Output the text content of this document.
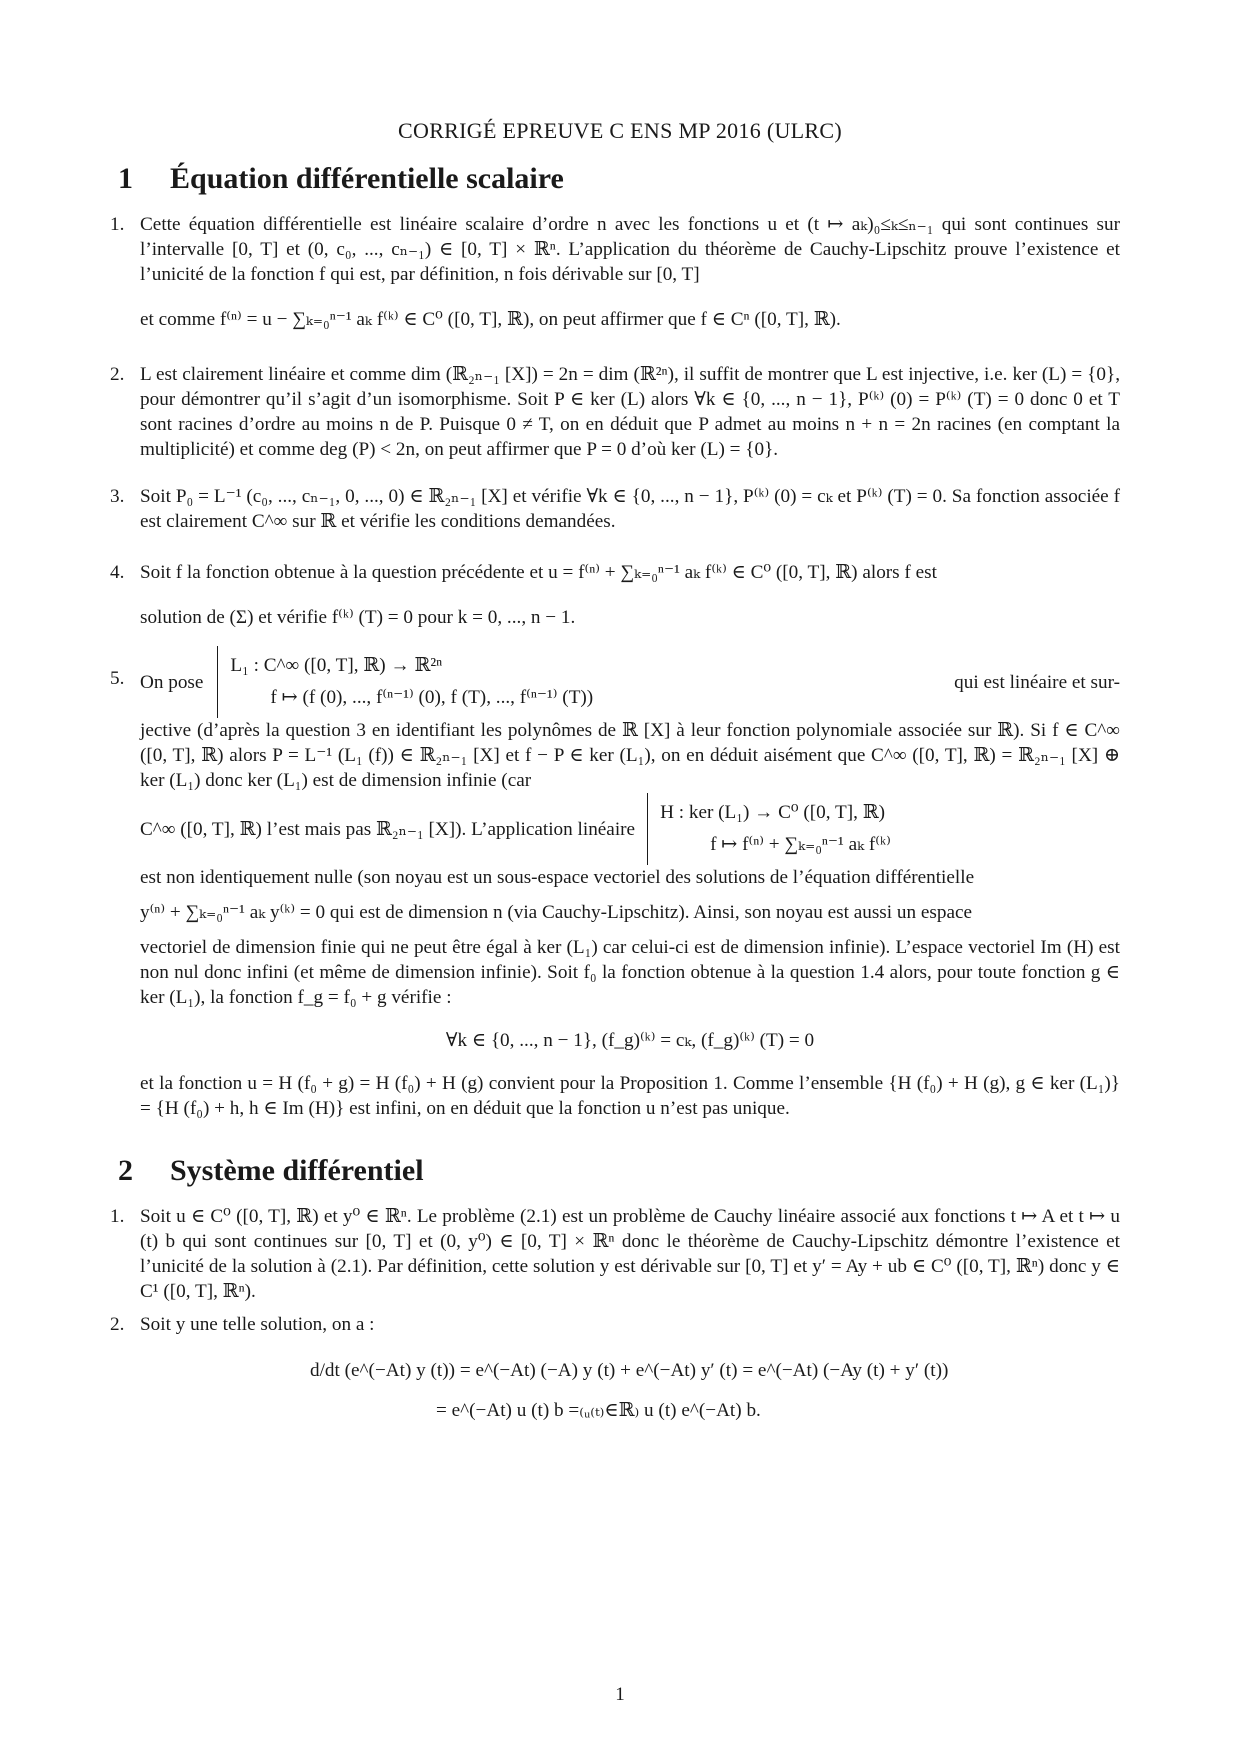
CORRIGÉ EPREUVE C ENS MP 2016 (ULRC)
1 Équation différentielle scalaire
1. Cette équation différentielle est linéaire scalaire d’ordre n avec les fonctions u et (t ↦ aₖ)₀≤ₖ≤ₙ₋₁ qui sont continues sur l’intervalle [0, T] et (0, c₀, ..., cₙ₋₁) ∈ [0, T] × ℝⁿ. L’application du théorème de Cauchy-Lipschitz prouve l’existence et l’unicité de la fonction f qui est, par définition, n fois dérivable sur [0, T]

et comme f⁽ⁿ⁾ = u − ∑ₖ₌₀ⁿ⁻¹ aₖ f⁽ᵏ⁾ ∈ C⁰ ([0, T], ℝ), on peut affirmer que f ∈ Cⁿ ([0, T], ℝ).

2. L est clairement linéaire et comme dim (ℝ₂ₙ₋₁ [X]) = 2n = dim (ℝ²ⁿ), il suffit de montrer que L est injective, i.e. ker (L) = {0}, pour démontrer qu’il s’agit d’un isomorphisme. Soit P ∈ ker (L) alors ∀k ∈ {0, ..., n − 1}, P⁽ᵏ⁾ (0) = P⁽ᵏ⁾ (T) = 0 donc 0 et T sont racines d’ordre au moins n de P. Puisque 0 ≠ T, on en déduit que P admet au moins n + n = 2n racines (en comptant la multiplicité) et comme deg (P) < 2n, on peut affirmer que P = 0 d’où ker (L) = {0}.

3. Soit P₀ = L⁻¹ (c₀, ..., cₙ₋₁, 0, ..., 0) ∈ ℝ₂ₙ₋₁ [X] et vérifie ∀k ∈ {0, ..., n − 1}, P⁽ᵏ⁾ (0) = cₖ et P⁽ᵏ⁾ (T) = 0. Sa fonction associée f est clairement C^∞ sur ℝ et vérifie les conditions demandées.

4. Soit f la fonction obtenue à la question précédente et u = f⁽ⁿ⁾ + ∑ₖ₌₀ⁿ⁻¹ aₖ f⁽ᵏ⁾ ∈ C⁰ ([0, T], ℝ) alors f est

solution de (Σ) et vérifie f⁽ᵏ⁾ (T) = 0 pour k = 0, ..., n − 1.

5. On pose
L₁ : C^∞ ([0, T], ℝ) → ℝ²ⁿ
f ↦ (f (0), ..., f⁽ⁿ⁻¹⁾ (0), f (T), ..., f⁽ⁿ⁻¹⁾ (T))
qui est linéaire et sur-

jective (d’après la question 3 en identifiant les polynômes de ℝ [X] à leur fonction polynomiale associée sur ℝ). Si f ∈ C^∞ ([0, T], ℝ) alors P = L⁻¹ (L₁ (f)) ∈ ℝ₂ₙ₋₁ [X] et f − P ∈ ker (L₁), on en déduit aisément que C^∞ ([0, T], ℝ) = ℝ₂ₙ₋₁ [X] ⊕ ker (L₁) donc ker (L₁) est de dimension infinie (car

C^∞ ([0, T], ℝ) l’est mais pas ℝ₂ₙ₋₁ [X]). L’application linéaire
H : ker (L₁) → C⁰ ([0, T], ℝ)
f ↦ f⁽ⁿ⁾ + ∑ₖ₌₀ⁿ⁻¹ aₖ f⁽ᵏ⁾

est non identiquement nulle (son noyau est un sous-espace vectoriel des solutions de l’équation différentielle

y⁽ⁿ⁾ + ∑ₖ₌₀ⁿ⁻¹ aₖ y⁽ᵏ⁾ = 0 qui est de dimension n (via Cauchy-Lipschitz). Ainsi, son noyau est aussi un espace

vectoriel de dimension finie qui ne peut être égal à ker (L₁) car celui-ci est de dimension infinie). L’espace vectoriel Im (H) est non nul donc infini (et même de dimension infinie). Soit f₀ la fonction obtenue à la question 1.4 alors, pour toute fonction g ∈ ker (L₁), la fonction f_g = f₀ + g vérifie :

∀k ∈ {0, ..., n − 1}, (f_g)⁽ᵏ⁾ = cₖ, (f_g)⁽ᵏ⁾ (T) = 0

et la fonction u = H (f₀ + g) = H (f₀) + H (g) convient pour la Proposition 1. Comme l’ensemble {H (f₀) + H (g), g ∈ ker (L₁)} = {H (f₀) + h, h ∈ Im (H)} est infini, on en déduit que la fonction u n’est pas unique.

2 Système différentiel
1. Soit u ∈ C⁰ ([0, T], ℝ) et y⁰ ∈ ℝⁿ. Le problème (2.1) est un problème de Cauchy linéaire associé aux fonctions t ↦ A et t ↦ u (t) b qui sont continues sur [0, T] et (0, y⁰) ∈ [0, T] × ℝⁿ donc le théorème de Cauchy-Lipschitz démontre l’existence et l’unicité de la solution à (2.1). Par définition, cette solution y est dérivable sur [0, T] et y′ = Ay + ub ∈ C⁰ ([0, T], ℝⁿ) donc y ∈ C¹ ([0, T], ℝⁿ).

2. Soit y une telle solution, on a :

d/dt (e^(−At) y (t)) = e^(−At) (−A) y (t) + e^(−At) y′ (t) = e^(−At) (−Ay (t) + y′ (t))
= e^(−At) u (t) b =₍ᵤ₍ₜ₎∈ℝ₎ u (t) e^(−At) b.
1
